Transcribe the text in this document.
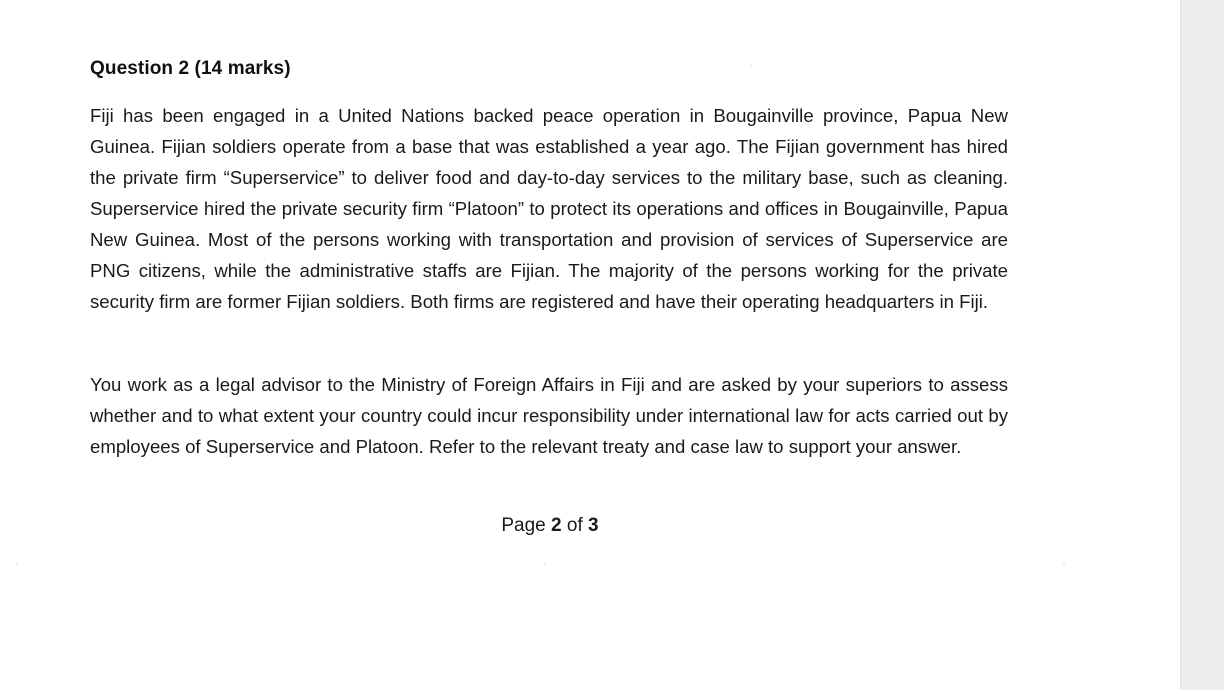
Question 2 (14 marks)

Fiji has been engaged in a United Nations backed peace operation in Bougainville province, Papua New Guinea. Fijian soldiers operate from a base that was established a year ago. The Fijian government has hired the private firm “Superservice” to deliver food and day-to-day services to the military base, such as cleaning. Superservice hired the private security firm “Platoon” to protect its operations and offices in Bougainville, Papua New Guinea. Most of the persons working with transportation and provision of services of Superservice are PNG citizens, while the administrative staffs are Fijian. The majority of the persons working for the private security firm are former Fijian soldiers. Both firms are registered and have their operating headquarters in Fiji.

You work as a legal advisor to the Ministry of Foreign Affairs in Fiji and are asked by your superiors to assess whether and to what extent your country could incur responsibility under international law for acts carried out by employees of Superservice and Platoon. Refer to the relevant treaty and case law to support your answer.

Page 2 of 3
